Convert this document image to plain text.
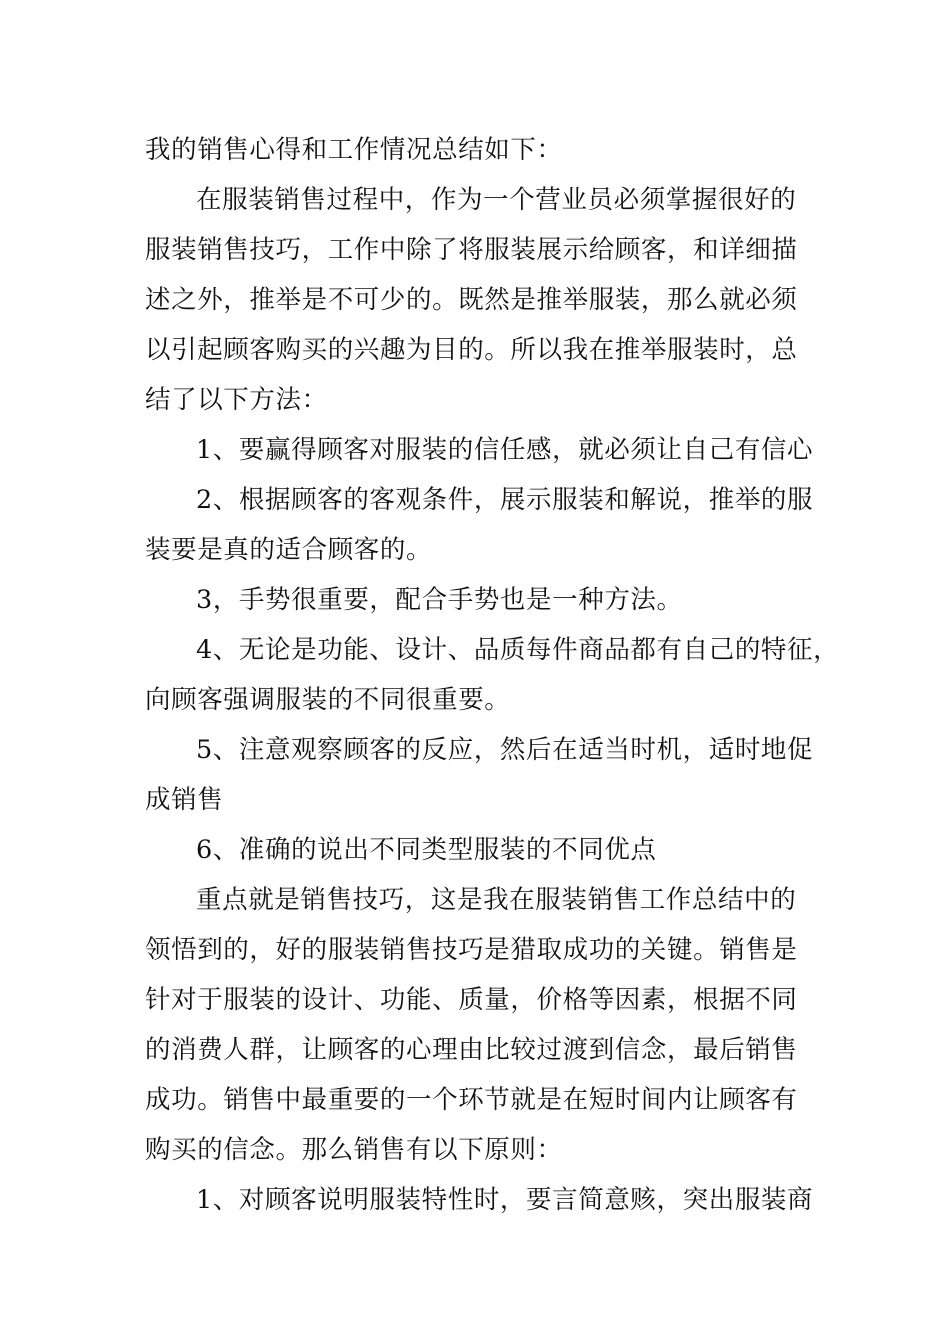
我的销售心得和工作情况总结如下：
在服装销售过程中，作为一个营业员必须掌握很好的
服装销售技巧，工作中除了将服装展示给顾客，和详细描
述之外，推举是不可少的。既然是推举服装，那么就必须
以引起顾客购买的兴趣为目的。所以我在推举服装时，总
结了以下方法：
1、要赢得顾客对服装的信任感，就必须让自己有信心
2、根据顾客的客观条件，展示服装和解说，推举的服
装要是真的适合顾客的。
3，手势很重要，配合手势也是一种方法。
4、无论是功能、设计、品质每件商品都有自己的特征，
向顾客强调服装的不同很重要。
5、注意观察顾客的反应，然后在适当时机，适时地促
成销售
6、准确的说出不同类型服装的不同优点
重点就是销售技巧，这是我在服装销售工作总结中的
领悟到的，好的服装销售技巧是猎取成功的关键。销售是
针对于服装的设计、功能、质量，价格等因素，根据不同
的消费人群，让顾客的心理由比较过渡到信念，最后销售
成功。销售中最重要的一个环节就是在短时间内让顾客有
购买的信念。那么销售有以下原则：
1、对顾客说明服装特性时，要言简意赅，突出服装商
